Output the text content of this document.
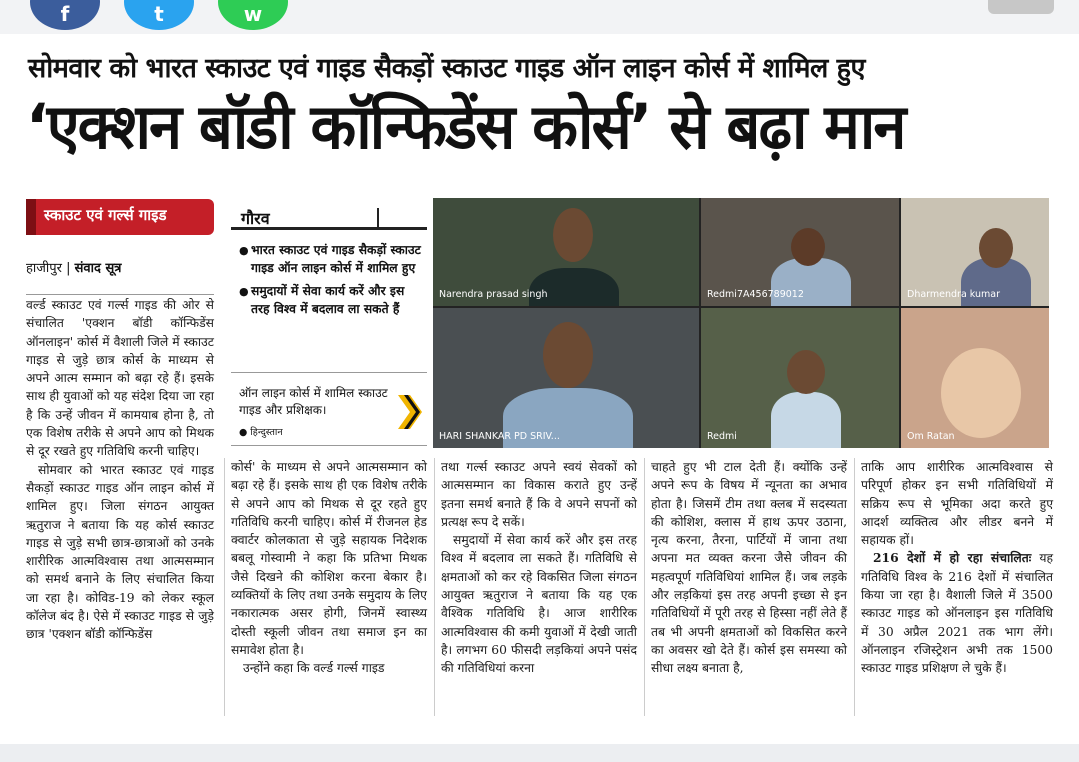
f	t	w
सोमवार को भारत स्काउट एवं गाइड सैकड़ों स्काउट गाइड ऑन लाइन कोर्स में शामिल हुए
‘एक्शन बॉडी कॉन्फिडेंस कोर्स’ से बढ़ा मान
स्काउट एवं गर्ल्स गाइड
हाजीपुर | संवाद सूत्र
गौरव
● भारत स्काउट एवं गाइड सैकड़ों स्काउट गाइड ऑन लाइन कोर्स में शामिल हुए
● समुदायों में सेवा कार्य करें और इस तरह विश्व में बदलाव ला सकते हैं
ऑन लाइन कोर्स में शामिल स्काउट गाइड और प्रशिक्षक।
● हिन्दुस्तान
Narendra prasad singh	Redmi7A456789012	Dharmendra kumar
HARI SHANKAR PD SRIV...	Redmi	Om Ratan

वर्ल्ड स्काउट एवं गर्ल्स गाइड की ओर से संचालित 'एक्शन बॉडी कॉन्फिडेंस ऑनलाइन' कोर्स में वैशाली जिले में स्काउट गाइड से जुड़े छात्र कोर्स के माध्यम से अपने आत्म सम्मान को बढ़ा रहे हैं। इसके साथ ही युवाओं को यह संदेश दिया जा रहा है कि उन्हें जीवन में कामयाब होना है, तो एक विशेष तरीके से अपने आप को मिथक से दूर रखते हुए गतिविधि करनी चाहिए।

सोमवार को भारत स्काउट एवं गाइड सैकड़ों स्काउट गाइड ऑन लाइन कोर्स में शामिल हुए। जिला संगठन आयुक्त ऋतुराज ने बताया कि यह कोर्स स्काउट गाइड से जुड़े सभी छात्र-छात्राओं को उनके शारीरिक आत्मविश्वास तथा आत्मसम्मान को समर्थ बनाने के लिए संचालित किया जा रहा है। कोविड-19 को लेकर स्कूल कॉलेज बंद है। ऐसे में स्काउट गाइड से जुड़े छात्र 'एक्शन बॉडी कॉन्फिडेंस

कोर्स' के माध्यम से अपने आत्मसम्मान को बढ़ा रहे हैं। इसके साथ ही एक विशेष तरीके से अपने आप को मिथक से दूर रहते हुए गतिविधि करनी चाहिए। कोर्स में रीजनल हेड क्वार्टर कोलकाता से जुड़े सहायक निदेशक बबलू गोस्वामी ने कहा कि प्रतिभा मिथक जैसे दिखने की कोशिश करना बेकार है। व्यक्तियों के लिए तथा उनके समुदाय के लिए नकारात्मक असर होगी, जिनमें स्वास्थ्य दोस्ती स्कूली जीवन तथा समाज इन का समावेश होता है।

उन्होंने कहा कि वर्ल्ड गर्ल्स गाइड

तथा गर्ल्स स्काउट अपने स्वयं सेवकों को आत्मसम्मान का विकास कराते हुए उन्हें इतना समर्थ बनाते हैं कि वे अपने सपनों को प्रत्यक्ष रूप दे सकें।

समुदायों में सेवा कार्य करें और इस तरह विश्व में बदलाव ला सकते हैं। गतिविधि से क्षमताओं को कर रहे विकसित जिला संगठन आयुक्त ऋतुराज ने बताया कि यह एक वैश्विक गतिविधि है। आज शारीरिक आत्मविश्वास की कमी युवाओं में देखी जाती है। लगभग 60 फीसदी लड़कियां अपने पसंद की गतिविधियां करना

चाहते हुए भी टाल देती हैं। क्योंकि उन्हें अपने रूप के विषय में न्यूनता का अभाव होता है। जिसमें टीम तथा क्लब में सदस्यता की कोशिश, क्लास में हाथ ऊपर उठाना, नृत्य करना, तैरना, पार्टियों में जाना तथा अपना मत व्यक्त करना जैसे जीवन की महत्वपूर्ण गतिविधियां शामिल हैं। जब लड़के और लड़कियां इस तरह अपनी इच्छा से इन गतिविधियों में पूरी तरह से हिस्सा नहीं लेते हैं तब भी अपनी क्षमताओं को विकसित करने का अवसर खो देते हैं। कोर्स इस समस्या को सीधा लक्ष्य बनाता है,

ताकि आप शारीरिक आत्मविश्वास से परिपूर्ण होकर इन सभी गतिविधियों में सक्रिय रूप से भूमिका अदा करते हुए आदर्श व्यक्तित्व और लीडर बनने में सहायक हों।

216 देशों में हो रहा संचालितः यह गतिविधि विश्व के 216 देशों में संचालित किया जा रहा है। वैशाली जिले में 3500 स्काउट गाइड को ऑनलाइन इस गतिविधि में 30 अप्रैल 2021 तक भाग लेंगे। ऑनलाइन रजिस्ट्रेशन अभी तक 1500 स्काउट गाइड प्रशिक्षण ले चुके हैं।
